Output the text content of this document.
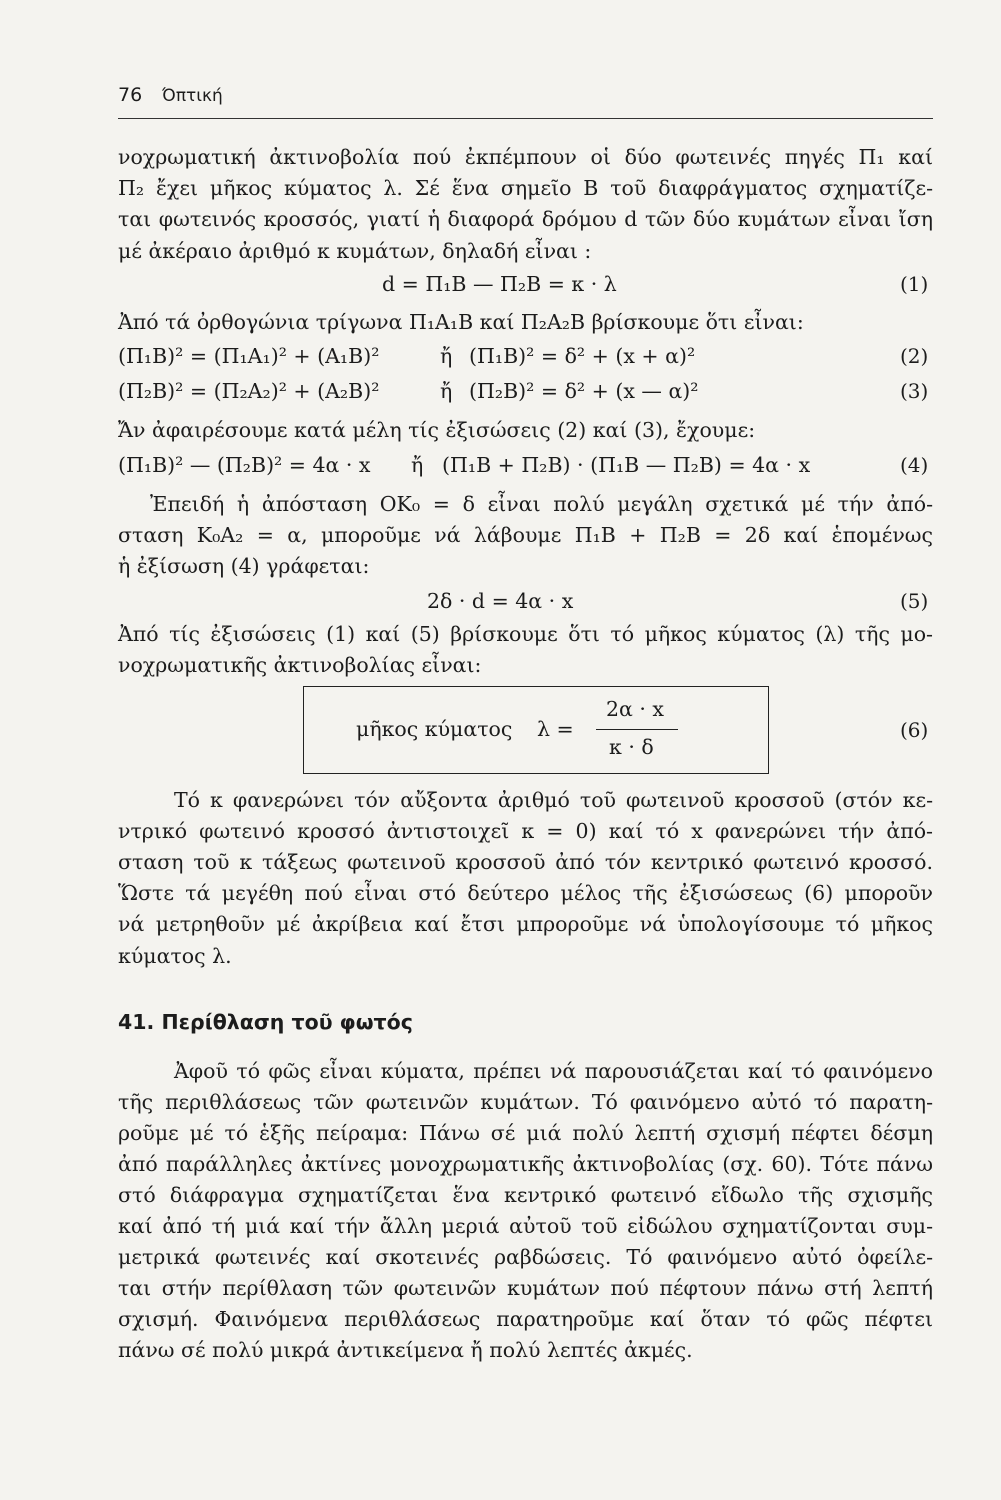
76 Όπτική
νοχρωματική ἀκτινοβολία πού ἐκπέμπουν οἱ δύο φωτεινές πηγές Π₁ καί
Π₂ ἔχει μῆκος κύματος λ. Σέ ἕνα σημεῖο Β τοῦ διαφράγματος σχηματίζε-
ται φωτεινός κροσσός, γιατί ἡ διαφορά δρόμου d τῶν δύο κυμάτων εἶναι ἴση
μέ ἀκέραιο ἀριθμό κ κυμάτων, δηλαδή εἶναι :
d = Π₁Β — Π₂Β = κ · λ	(1)
Ἀπό τά ὀρθογώνια τρίγωνα Π₁Α₁Β καί Π₂Α₂Β βρίσκουμε ὅτι εἶναι:
(Π₁Β)² = (Π₁Α₁)² + (Α₁Β)²	ἤ (Π₁Β)² = δ² + (x + α)²	(2)
(Π₂Β)² = (Π₂Α₂)² + (Α₂Β)²	ἤ (Π₂Β)² = δ² + (x — α)²	(3)
Ἄν ἀφαιρέσουμε κατά μέλη τίς ἐξισώσεις (2) καί (3), ἔχουμε:
(Π₁Β)² — (Π₂Β)² = 4α · x ἤ (Π₁Β + Π₂Β) · (Π₁Β — Π₂Β) = 4α · x	(4)
Ἐπειδή ἡ ἀπόσταση ΟΚ₀ = δ εἶναι πολύ μεγάλη σχετικά μέ τήν ἀπό-
σταση Κ₀Α₂ = α, μποροῦμε νά λάβουμε Π₁Β + Π₂Β = 2δ καί ἑπομένως
ἡ ἐξίσωση (4) γράφεται:
2δ · d = 4α · x	(5)
Ἀπό τίς ἐξισώσεις (1) καί (5) βρίσκουμε ὅτι τό μῆκος κύματος (λ) τῆς μο-
νοχρωματικῆς ἀκτινοβολίας εἶναι:
μῆκος κύματος λ =
2α · x
κ · δ
(6)
Τό κ φανερώνει τόν αὔξοντα ἀριθμό τοῦ φωτεινοῦ κροσσοῦ (στόν κε-
ντρικό φωτεινό κροσσό ἀντιστοιχεῖ κ = 0) καί τό x φανερώνει τήν ἀπό-
σταση τοῦ κ τάξεως φωτεινοῦ κροσσοῦ ἀπό τόν κεντρικό φωτεινό κροσσό.
Ὥστε τά μεγέθη πού εἶναι στό δεύτερο μέλος τῆς ἐξισώσεως (6) μποροῦν
νά μετρηθοῦν μέ ἀκρίβεια καί ἔτσι μπροροῦμε νά ὑπολογίσουμε τό μῆκος
κύματος λ.
41. Περίθλαση τοῦ φωτός
Ἀφοῦ τό φῶς εἶναι κύματα, πρέπει νά παρουσιάζεται καί τό φαινόμενο
τῆς περιθλάσεως τῶν φωτεινῶν κυμάτων. Τό φαινόμενο αὐτό τό παρατη-
ροῦμε μέ τό ἑξῆς πείραμα: Πάνω σέ μιά πολύ λεπτή σχισμή πέφτει δέσμη
ἀπό παράλληλες ἀκτίνες μονοχρωματικῆς ἀκτινοβολίας (σχ. 60). Τότε πάνω
στό διάφραγμα σχηματίζεται ἕνα κεντρικό φωτεινό εἴδωλο τῆς σχισμῆς
καί ἀπό τή μιά καί τήν ἄλλη μεριά αὐτοῦ τοῦ εἰδώλου σχηματίζονται συμ-
μετρικά φωτεινές καί σκοτεινές ραβδώσεις. Τό φαινόμενο αὐτό ὀφείλε-
ται στήν περίθλαση τῶν φωτεινῶν κυμάτων πού πέφτουν πάνω στή λεπτή
σχισμή. Φαινόμενα περιθλάσεως παρατηροῦμε καί ὅταν τό φῶς πέφτει
πάνω σέ πολύ μικρά ἀντικείμενα ἤ πολύ λεπτές ἀκμές.
